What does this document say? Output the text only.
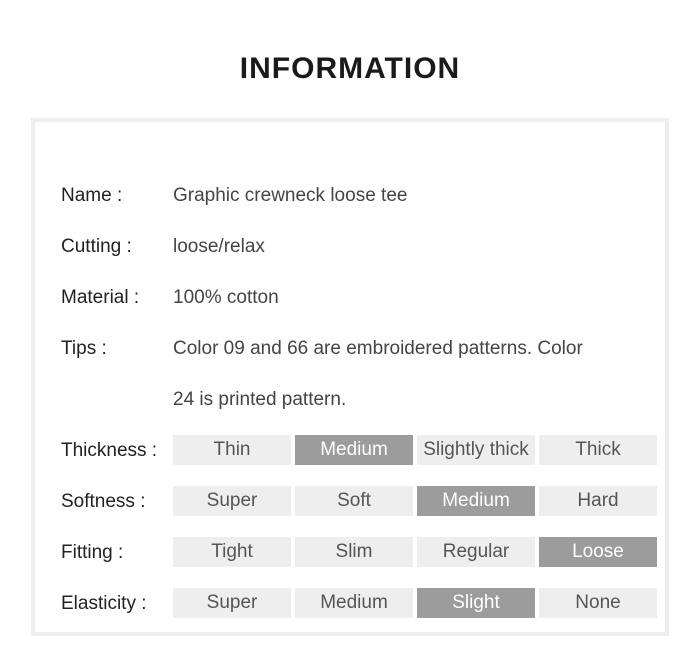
INFORMATION
Name :	Graphic crewneck loose tee
Cutting : loose/relax
Material : 100% cotton
Tips :	Color 09 and 66 are embroidered patterns. Color
24 is printed pattern.
Thickness :	Thin	Medium	Slightly thick	Thick
Softness :	Super	Soft	Medium	Hard
Fitting :	Tight	Slim	Regular	Loose
Elasticity :	Super	Medium	Slight	None
